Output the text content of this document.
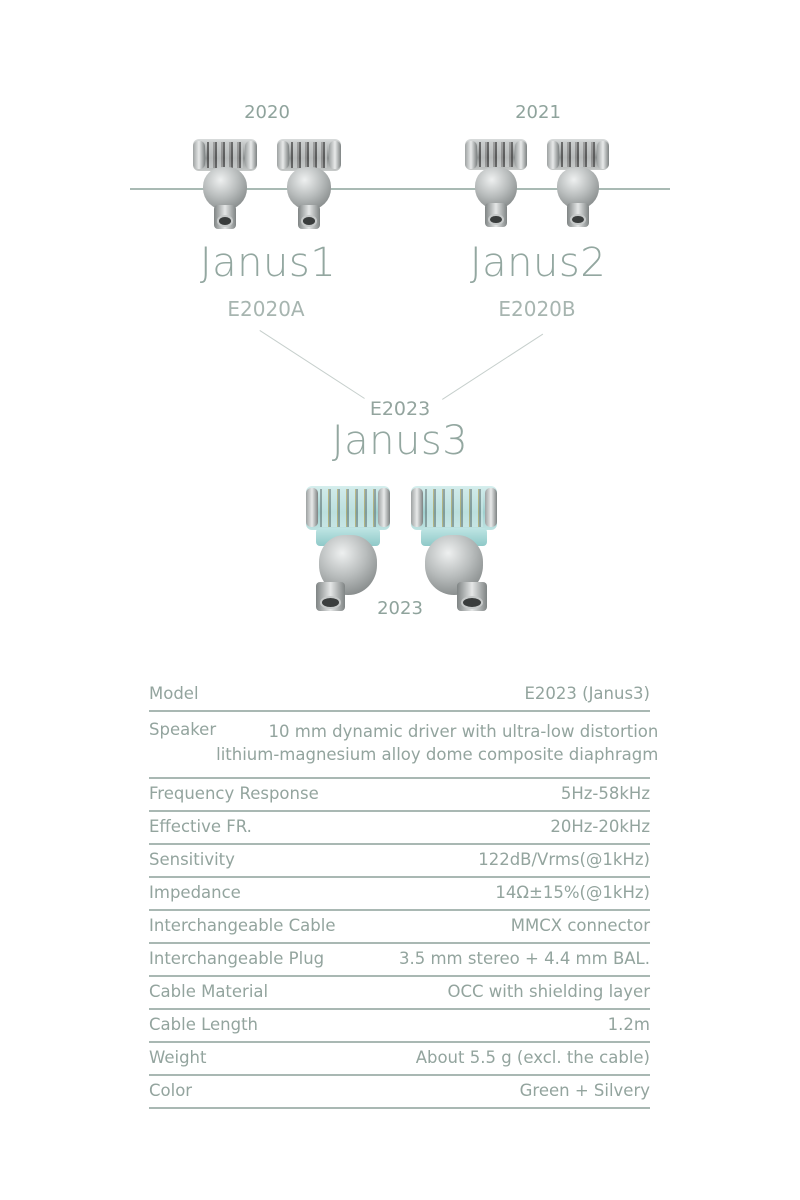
2020	2021
Janus1	Janus2
E2020A	E2020B
E2023
Janus3
2023
Model	E2023 (Janus3)
Speaker	10 mm dynamic driver with ultra-low distortion
lithium-magnesium alloy dome composite diaphragm
Frequency Response	5Hz-58kHz
Effective FR.	20Hz-20kHz
Sensitivity	122dB/Vrms(@1kHz)
Impedance	14Ω±15%(@1kHz)
Interchangeable Cable	MMCX connector
Interchangeable Plug	3.5 mm stereo + 4.4 mm BAL.
Cable Material	OCC with shielding layer
Cable Length	1.2m
Weight	About 5.5 g (excl. the cable)
Color	Green + Silvery
